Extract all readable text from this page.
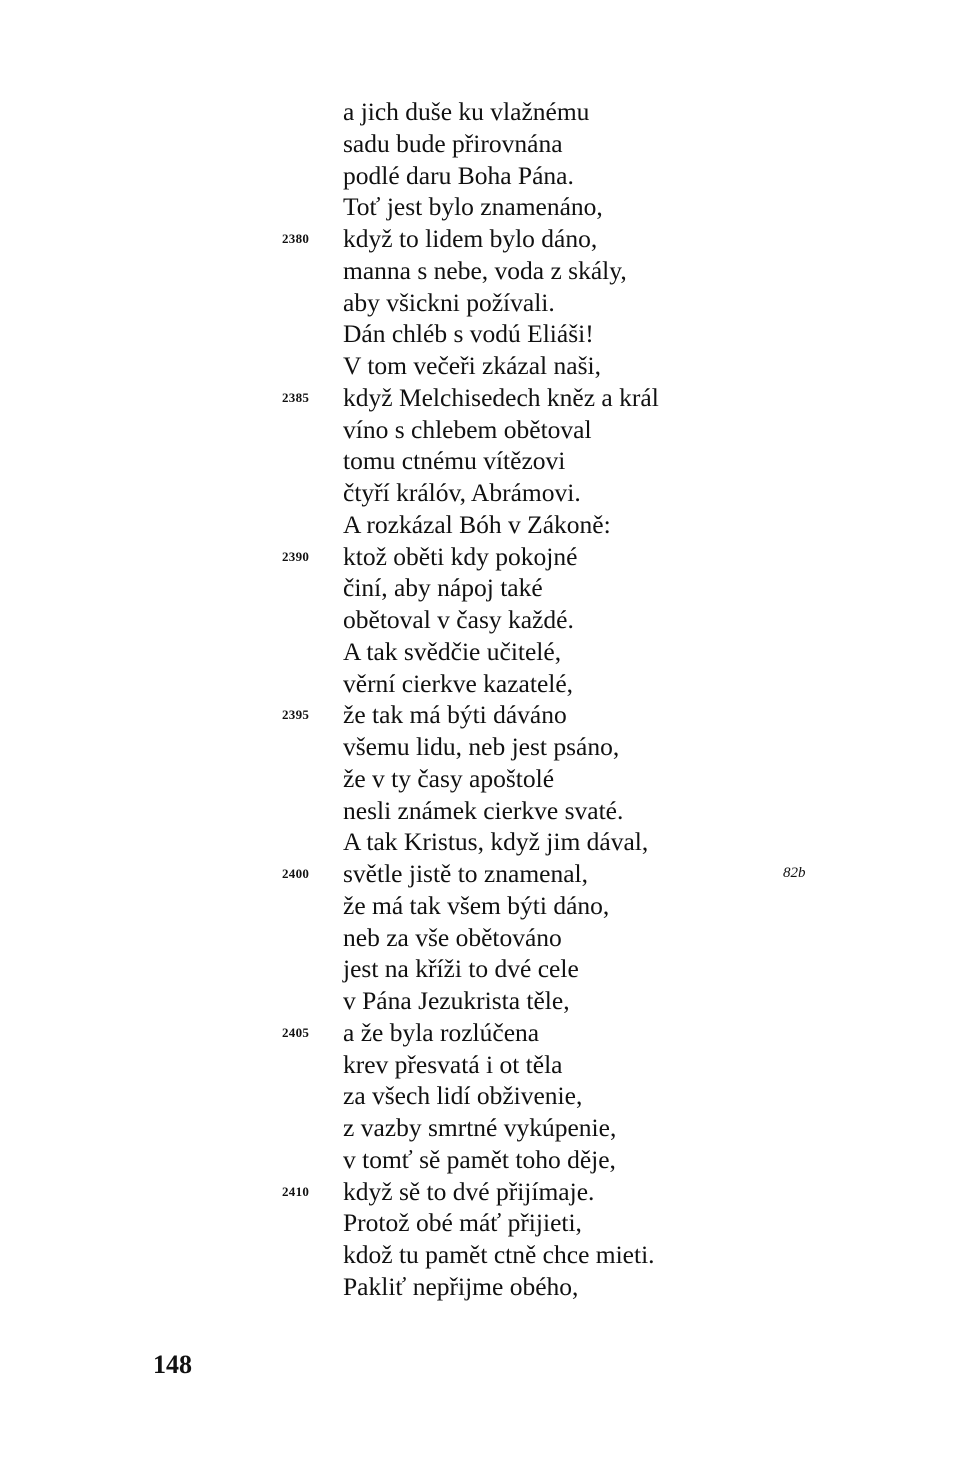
a jich duše ku vlažnému
sadu bude přirovnána
podlé daru Boha Pána.
Toť jest bylo znamenáno,
2380 když to lidem bylo dáno,
manna s nebe, voda z skály,
aby všickni požívali.
Dán chléb s vodú Eliáši!
V tom večeři zkázal naši,
2385 když Melchisedech kněz a král
víno s chlebem obětoval
tomu ctnému vítězovi
čtyří králóv, Abrámovi.
A rozkázal Bóh v Zákoně:
2390 ktož oběti kdy pokojné
činí, aby nápoj také
obětoval v časy každé.
A tak svědčie učitelé,
věrní cierkve kazatelé,
2395 že tak má býti dáváno
všemu lidu, neb jest psáno,
že v ty časy apoštolé
nesli známek cierkve svaté.
A tak Kristus, když jim dával,
2400 světle jistě to znamenal,	82b
že má tak všem býti dáno,
neb za vše obětováno
jest na kříži to dvé cele
v Pána Jezukrista těle,
2405 a že byla rozlúčena
krev přesvatá i ot těla
za všech lidí obživenie,
z vazby smrtné vykúpenie,
v tomť sě pamět toho děje,
2410 když sě to dvé přijímaje.
Protož obé máť přijieti,
kdož tu pamět ctně chce mieti.
Pakliť nepřijme obého,
148
